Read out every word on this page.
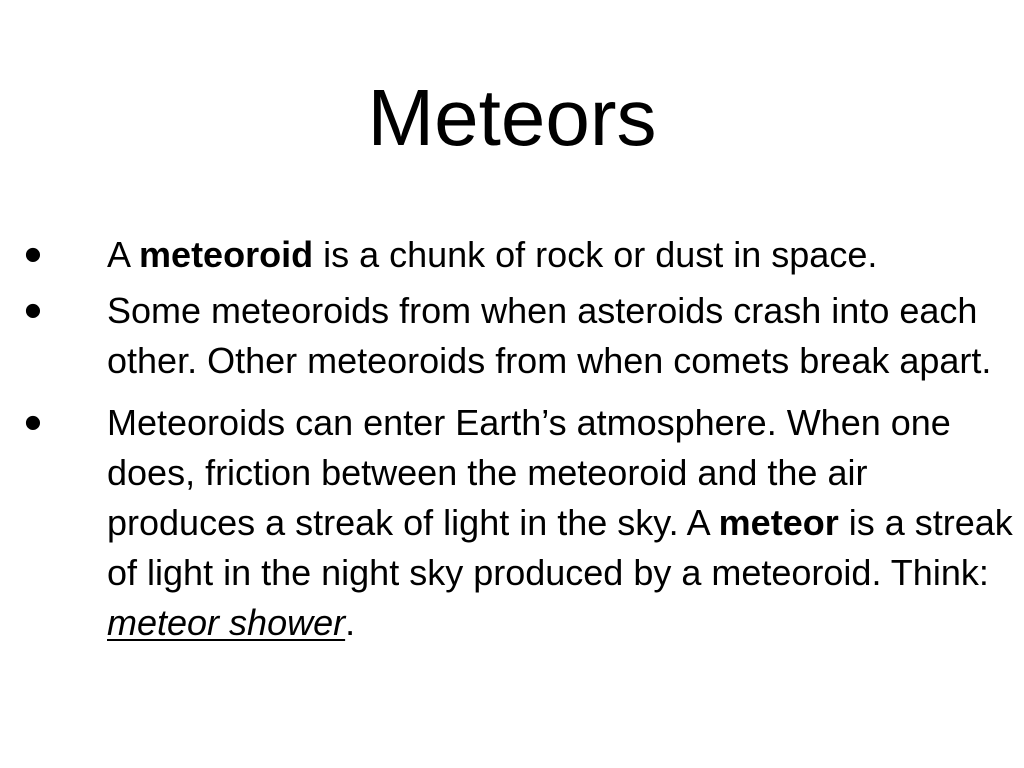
Meteors
•	A meteoroid is a chunk of rock or dust in space.
•	Some meteoroids from when asteroids crash into each other. Other meteoroids from when comets break apart.
•	Meteoroids can enter Earth’s atmosphere. When one does, friction between the meteoroid and the air produces a streak of light in the sky. A meteor is a streak of light in the night sky produced by a meteoroid. Think: meteor shower.
